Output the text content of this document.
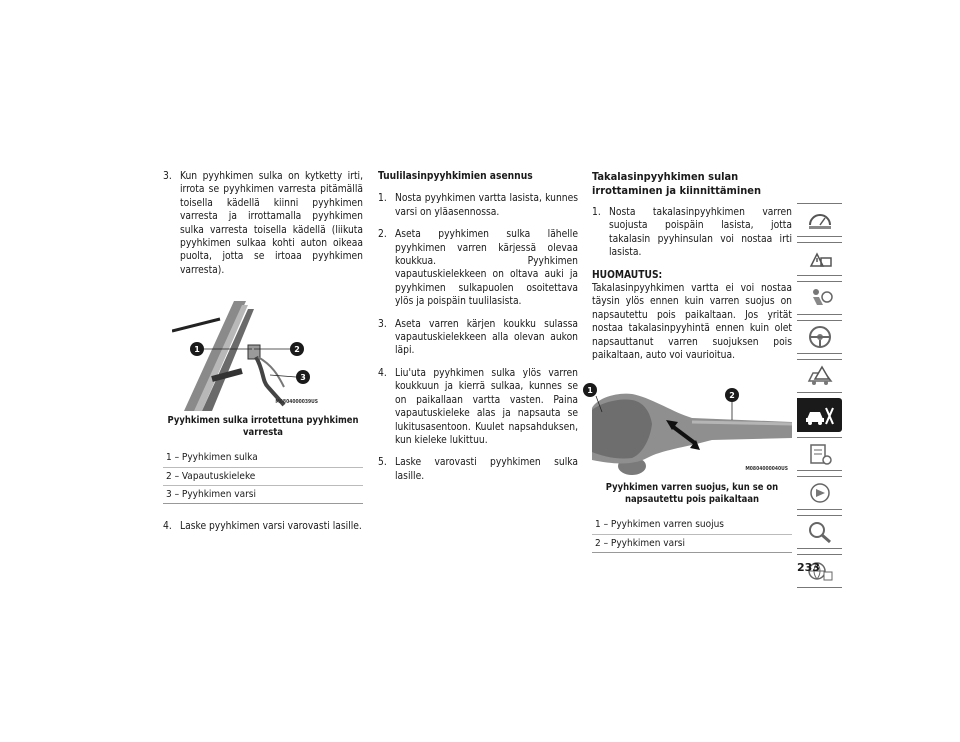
3. Kun pyyhkimen sulka on kytketty irti, irrota se pyyhkimen varresta pitämällä toisella kädellä kiinni pyyhkimen varresta ja irrottamalla pyyhkimen sulka varresta toisella kädellä (liikuta pyyhkimen sulkaa kohti auton oikeaa puolta, jotta se irtoaa pyyhkimen varresta).
1	2
3
M0804000039US
Pyyhkimen sulka irrotettuna pyyhkimen varresta
1 – Pyyhkimen sulka
2 – Vapautuskieleke
3 – Pyyhkimen varsi
4. Laske pyyhkimen varsi varovasti lasille.
Tuulilasinpyyhkimien asennus
1. Nosta pyyhkimen vartta lasista, kunnes varsi on yläasennossa.
2. Aseta pyyhkimen sulka lähelle pyyhkimen varren kärjessä olevaa koukkua. Pyyhkimen vapautuskielekkeen on oltava auki ja pyyhkimen sulkapuolen osoitettava ylös ja poispäin tuulilasista.
3. Aseta varren kärjen koukku sulassa vapautuskielekkeen alla olevan aukon läpi.
4. Liu'uta pyyhkimen sulka ylös varren koukkuun ja kierrä sulkaa, kunnes se on paikallaan vartta vasten. Paina vapautuskieleke alas ja napsauta se lukitusasentoon. Kuulet napsahduksen, kun kieleke lukittuu.
5. Laske varovasti pyyhkimen sulka lasille.
Takalasinpyyhkimen sulan irrottaminen ja kiinnittäminen
1. Nosta takalasinpyyhkimen varren suojusta poispäin lasista, jotta takalasin pyyhinsulan voi nostaa irti lasista.
HUOMAUTUS:
Takalasinpyyhkimen vartta ei voi nostaa täysin ylös ennen kuin varren suojus on napsautettu pois paikaltaan. Jos yrität nostaa takalasinpyyhintä ennen kuin olet napsauttanut varren suojuksen pois paikaltaan, auto voi vaurioitua.
1
2
M0804000040US
Pyyhkimen varren suojus, kun se on napsautettu pois paikaltaan
1 – Pyyhkimen varren suojus
2 – Pyyhkimen varsi
233
